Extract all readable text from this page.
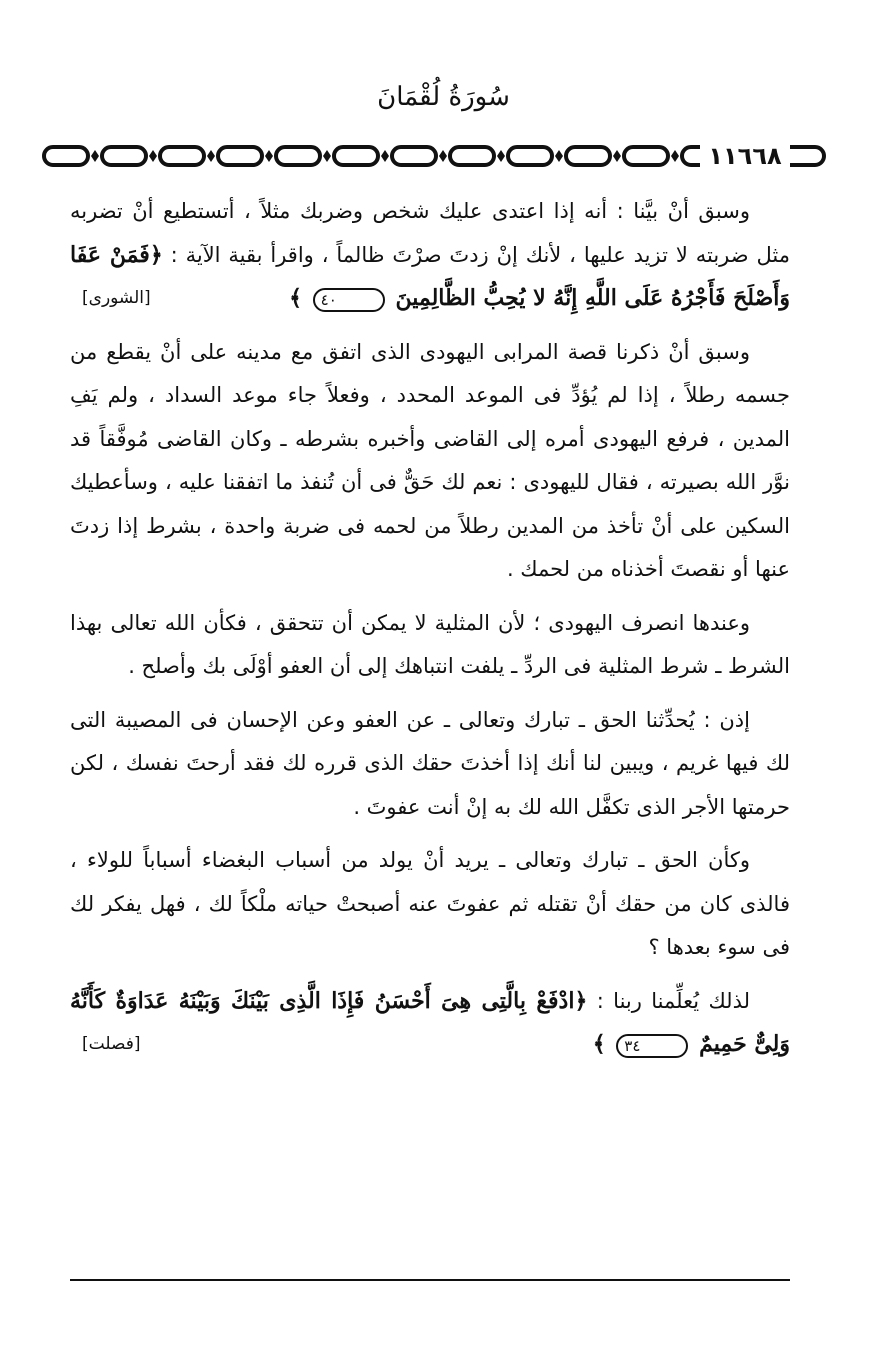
سُورَةُ لُقْمَانَ
١١٦٦٨

وسبق أنْ بيَّنا : أنه إذا اعتدى عليك شخص وضربك مثلاً ، أتستطيع أنْ تضربه مثل ضربته لا تزيد عليها ، لأنك إنْ زدتَ صرْتَ ظالماً ، واقرأ بقية الآية : ﴿فَمَنْ عَفَا وَأَصْلَحَ فَأَجْرُهُ عَلَى اللَّهِ إِنَّهُ لا يُحِبُّ الظَّالِمِينَ ٤٠ ﴾
[الشورى]

وسبق أنْ ذكرنا قصة المرابى اليهودى الذى اتفق مع مدينه على أنْ يقطع من جسمه رطلاً ، إذا لم يُؤدِّ فى الموعد المحدد ، وفعلاً جاء موعد السداد ، ولم يَفِ المدين ، فرفع اليهودى أمره إلى القاضى وأخبره بشرطه ـ وكان القاضى مُوفَّقاً قد نوَّر الله بصيرته ، فقال لليهودى : نعم لك حَقٌّ فى أن تُنفذ ما اتفقنا عليه ، وسأعطيك السكين على أنْ تأخذ من المدين رطلاً من لحمه فى ضربة واحدة ، بشرط إذا زدتَ عنها أو نقصتَ أخذناه من لحمك .

وعندها انصرف اليهودى ؛ لأن المثلية لا يمكن أن تتحقق ، فكأن الله تعالى بهذا الشرط ـ شرط المثلية فى الردِّ ـ يلفت انتباهك إلى أن العفو أوْلَى بك وأصلح .

إذن : يُحدِّثنا الحق ـ تبارك وتعالى ـ عن العفو وعن الإحسان فى المصيبة التى لك فيها غريم ، ويبين لنا أنك إذا أخذتَ حقك الذى قرره لك فقد أرحتَ نفسك ، لكن حرمتها الأجر الذى تكفَّل الله لك به إنْ أنت عفوتَ .

وكأن الحق ـ تبارك وتعالى ـ يريد أنْ يولد من أسباب البغضاء أسباباً للولاء ، فالذى كان من حقك أنْ تقتله ثم عفوتَ عنه أصبحتْ حياته ملْكاً لك ، فهل يفكر لك فى سوء بعدها ؟

لذلك يُعلِّمنا ربنا : ﴿ادْفَعْ بِالَّتِى هِىَ أَحْسَنُ فَإِذَا الَّذِى بَيْنَكَ وَبَيْنَهُ عَدَاوَةٌ كَأَنَّهُ وَلِىٌّ حَمِيمٌ ٣٤ ﴾
[فصلت]
